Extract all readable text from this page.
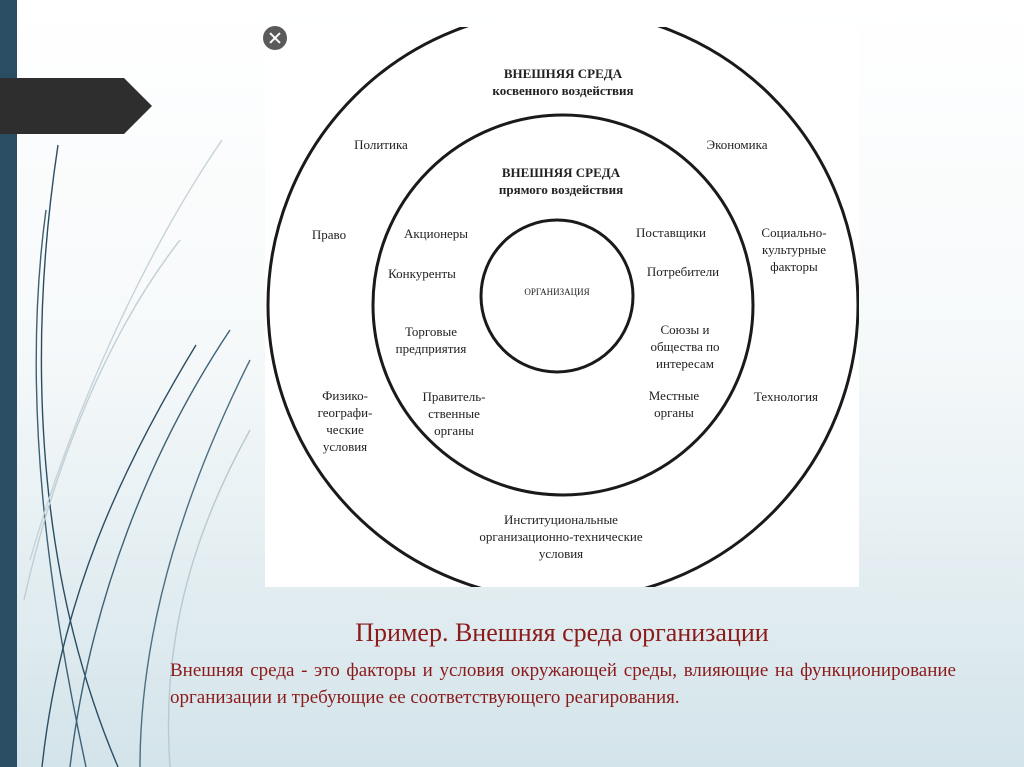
ВНЕШНЯЯ СРЕДА
косвенного воздействия
ВНЕШНЯЯ СРЕДА
прямого воздействия
ОРГАНИЗАЦИЯ
Политика	Экономика
Право	Социально-
культурные
факторы
Технология
Физико-
географи-
ческие
условия
Институциональные
организационно-технические
условия
Акционеры	Поставщики
Конкуренты	Потребители
Торговые
предприятия
Союзы и
общества по
интересам
Правитель-
ственные
органы
Местные
органы
Пример. Внешняя среда организации
Внешняя среда - это факторы и условия окружающей среды, влияющие на функционирование организации и требующие ее соответствующего реагирования.
